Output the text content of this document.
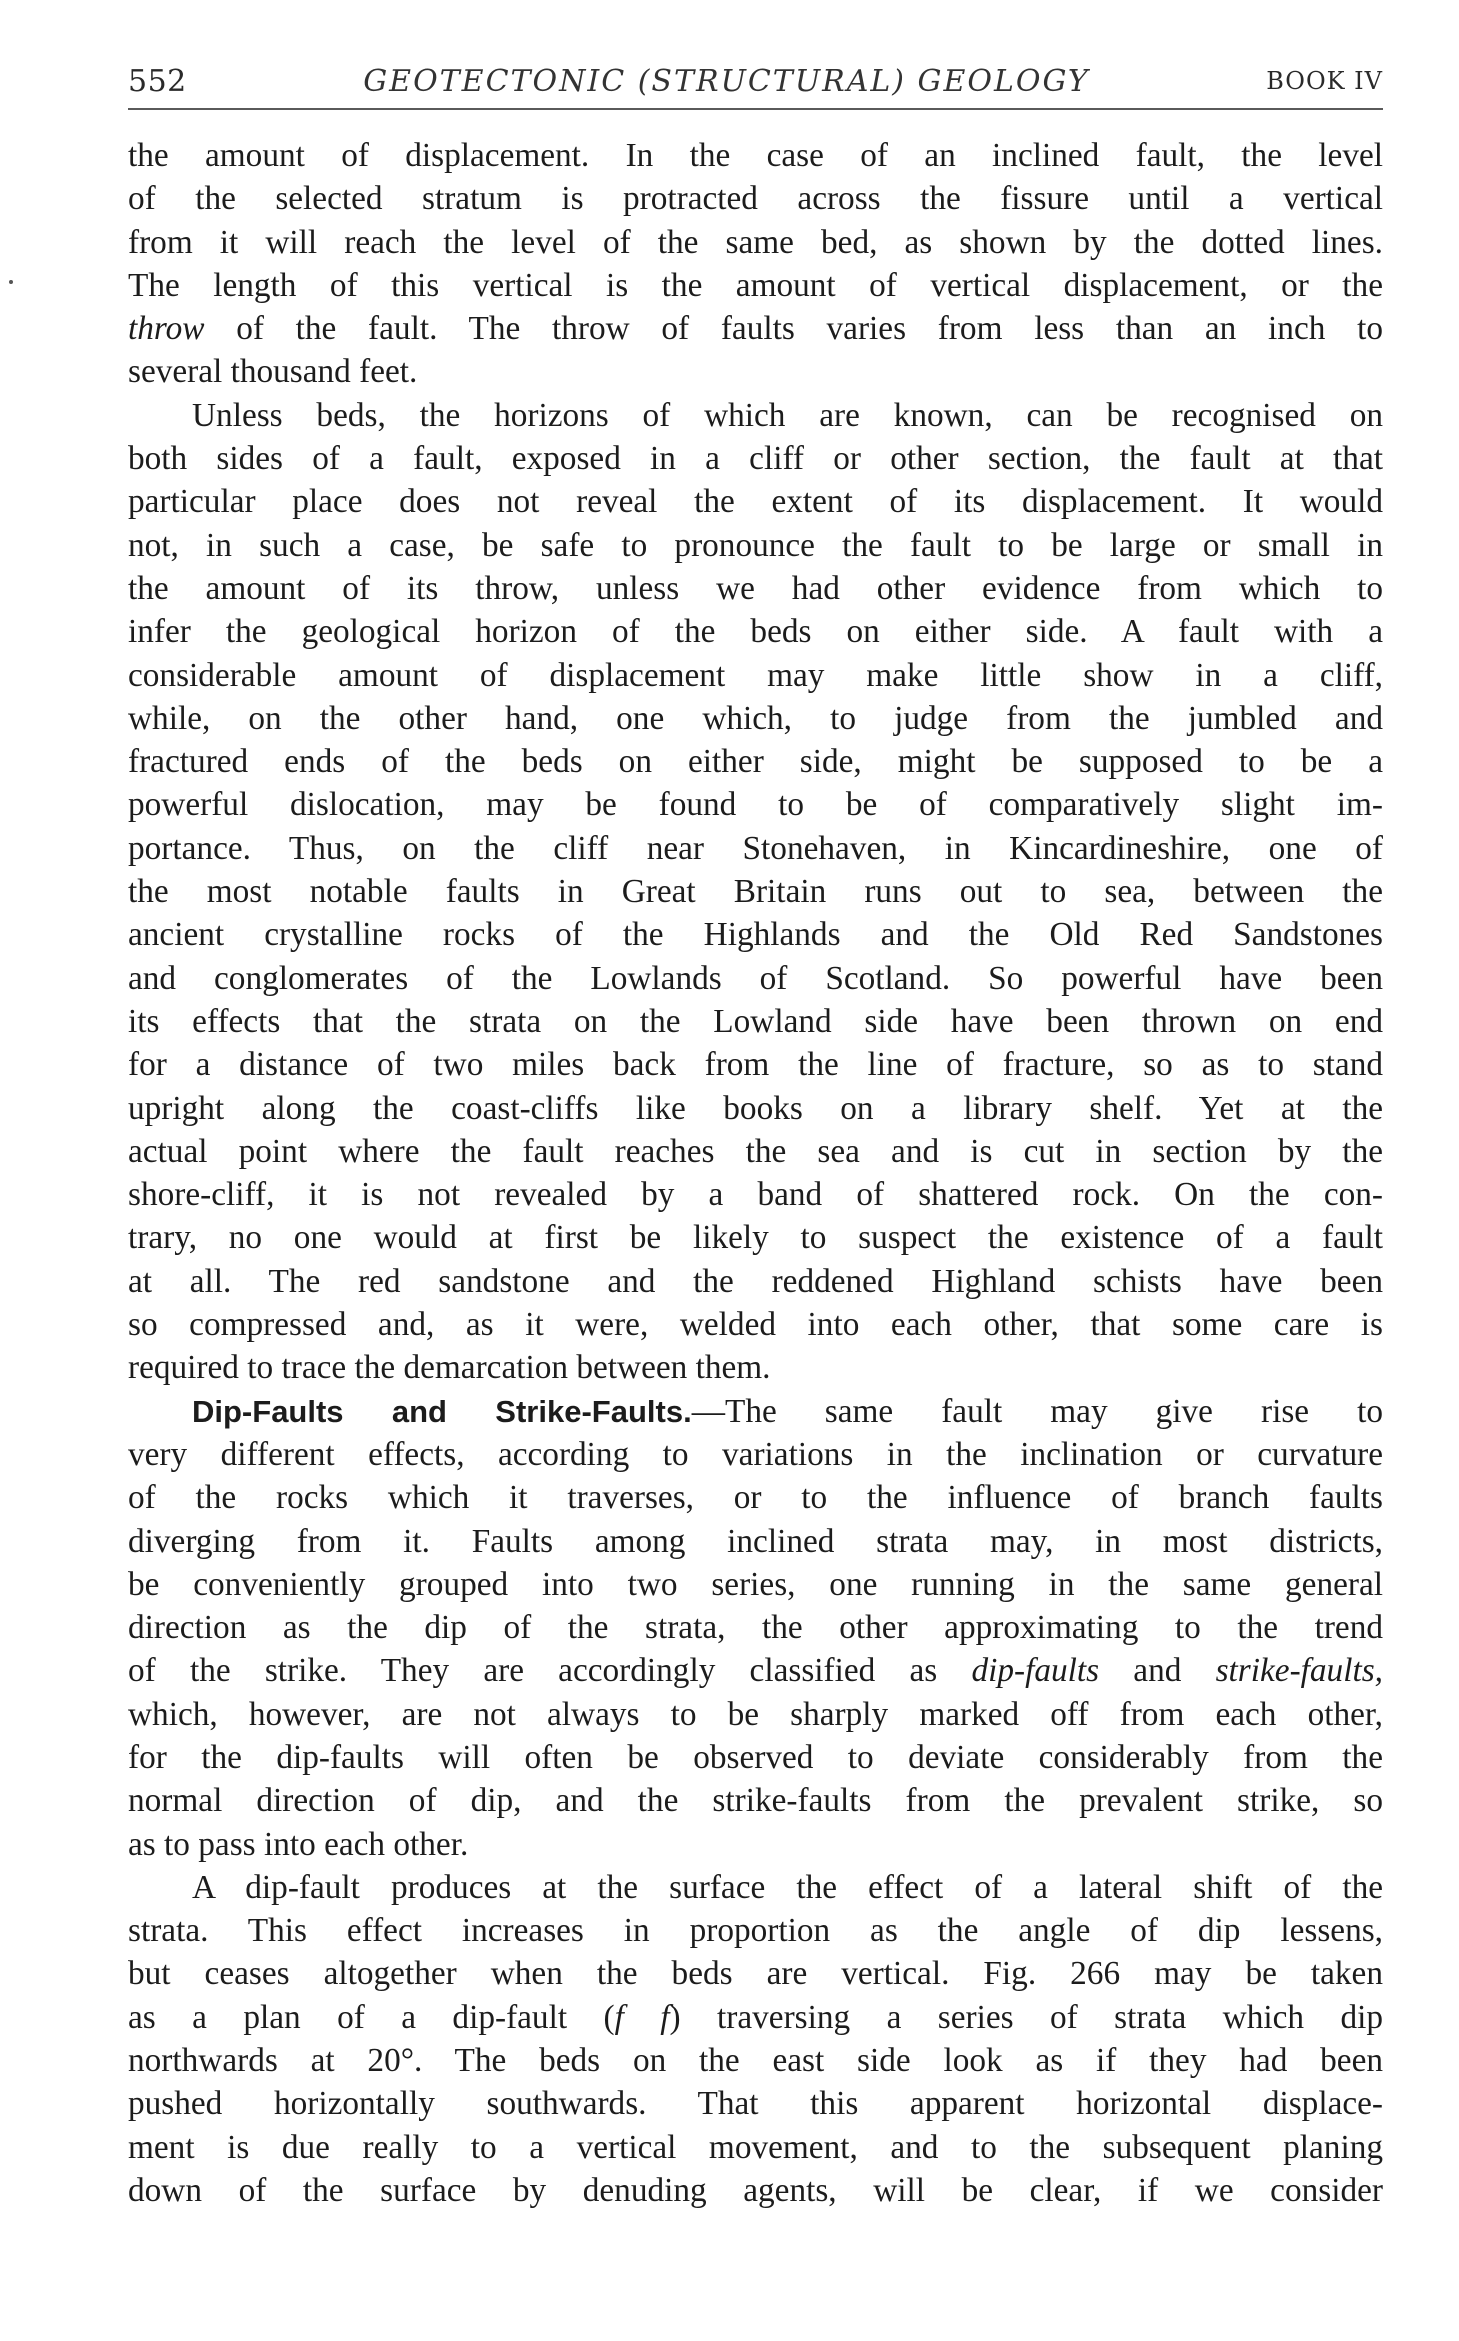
552	GEOTECTONIC (STRUCTURAL) GEOLOGY	BOOK IV
the amount of displacement. In the case of an inclined fault, the level
of the selected stratum is protracted across the fissure until a vertical
from it will reach the level of the same bed, as shown by the dotted lines.
The length of this vertical is the amount of vertical displacement, or the
throw of the fault. The throw of faults varies from less than an inch to
several thousand feet.
Unless beds, the horizons of which are known, can be recognised on
both sides of a fault, exposed in a cliff or other section, the fault at that
particular place does not reveal the extent of its displacement. It would
not, in such a case, be safe to pronounce the fault to be large or small in
the amount of its throw, unless we had other evidence from which to
infer the geological horizon of the beds on either side. A fault with a
considerable amount of displacement may make little show in a cliff,
while, on the other hand, one which, to judge from the jumbled and
fractured ends of the beds on either side, might be supposed to be a
powerful dislocation, may be found to be of comparatively slight im-
portance. Thus, on the cliff near Stonehaven, in Kincardineshire, one of
the most notable faults in Great Britain runs out to sea, between the
ancient crystalline rocks of the Highlands and the Old Red Sandstones
and conglomerates of the Lowlands of Scotland. So powerful have been
its effects that the strata on the Lowland side have been thrown on end
for a distance of two miles back from the line of fracture, so as to stand
upright along the coast-cliffs like books on a library shelf. Yet at the
actual point where the fault reaches the sea and is cut in section by the
shore-cliff, it is not revealed by a band of shattered rock. On the con-
trary, no one would at first be likely to suspect the existence of a fault
at all. The red sandstone and the reddened Highland schists have been
so compressed and, as it were, welded into each other, that some care is
required to trace the demarcation between them.
Dip-Faults and Strike-Faults.—The same fault may give rise to
very different effects, according to variations in the inclination or curvature
of the rocks which it traverses, or to the influence of branch faults
diverging from it. Faults among inclined strata may, in most districts,
be conveniently grouped into two series, one running in the same general
direction as the dip of the strata, the other approximating to the trend
of the strike. They are accordingly classified as dip-faults and strike-faults,
which, however, are not always to be sharply marked off from each other,
for the dip-faults will often be observed to deviate considerably from the
normal direction of dip, and the strike-faults from the prevalent strike, so
as to pass into each other.
A dip-fault produces at the surface the effect of a lateral shift of the
strata. This effect increases in proportion as the angle of dip lessens,
but ceases altogether when the beds are vertical. Fig. 266 may be taken
as a plan of a dip-fault (f f) traversing a series of strata which dip
northwards at 20°. The beds on the east side look as if they had been
pushed horizontally southwards. That this apparent horizontal displace-
ment is due really to a vertical movement, and to the subsequent planing
down of the surface by denuding agents, will be clear, if we consider
